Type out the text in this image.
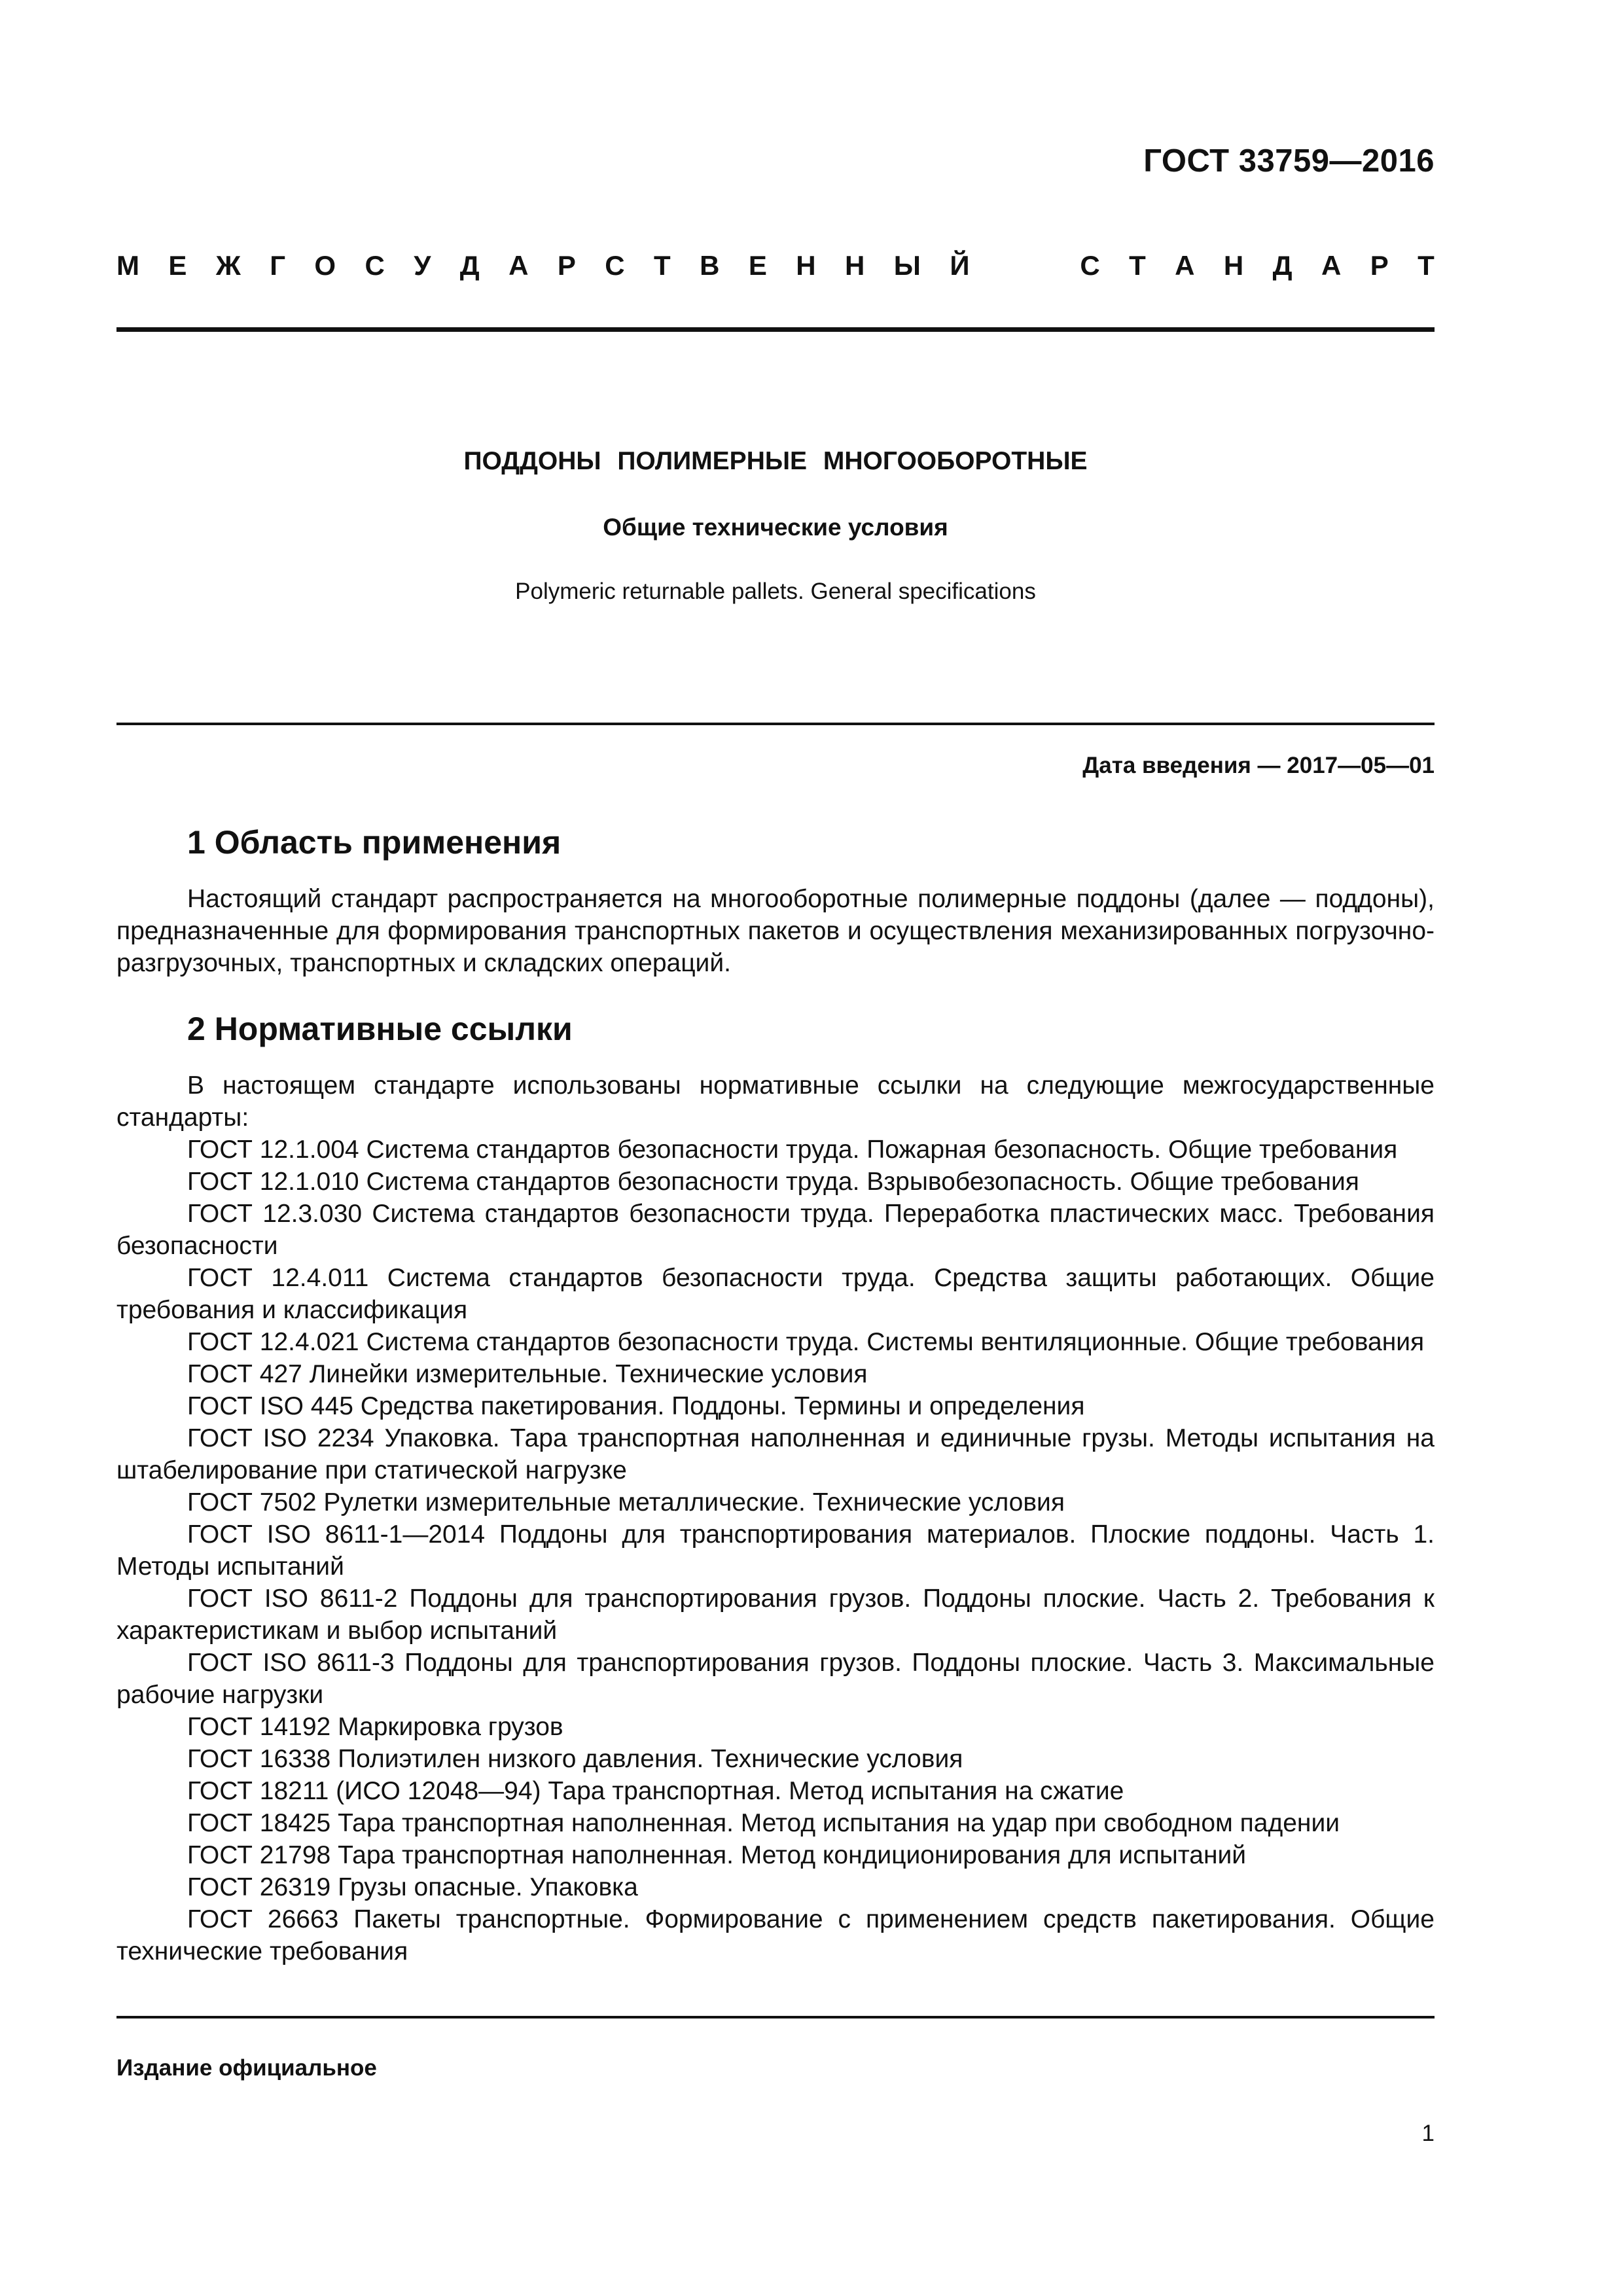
ГОСТ 33759—2016
М Е Ж Г О С У Д А Р С Т В Е Н Н Ы Й	С Т А Н Д А Р Т
ПОДДОНЫ ПОЛИМЕРНЫЕ МНОГООБОРОТНЫЕ
Общие технические условия
Polymeric returnable pallets. General specifications
Дата введения — 2017—05—01
1 Область применения

Настоящий стандарт распространяется на многооборотные полимерные поддоны (далее — поддоны), предназначенные для формирования транспортных пакетов и осуществления механизированных погрузочно-разгрузочных, транспортных и складских операций.

2 Нормативные ссылки

В настоящем стандарте использованы нормативные ссылки на следующие межгосударственные стандарты:

ГОСТ 12.1.004 Система стандартов безопасности труда. Пожарная безопасность. Общие требования

ГОСТ 12.1.010 Система стандартов безопасности труда. Взрывобезопасность. Общие требования

ГОСТ 12.3.030 Система стандартов безопасности труда. Переработка пластических масс. Требования безопасности

ГОСТ 12.4.011 Система стандартов безопасности труда. Средства защиты работающих. Общие требования и классификация

ГОСТ 12.4.021 Система стандартов безопасности труда. Системы вентиляционные. Общие требования

ГОСТ 427 Линейки измерительные. Технические условия

ГОСТ ISO 445 Средства пакетирования. Поддоны. Термины и определения

ГОСТ ISO 2234 Упаковка. Тара транспортная наполненная и единичные грузы. Методы испытания на штабелирование при статической нагрузке

ГОСТ 7502 Рулетки измерительные металлические. Технические условия

ГОСТ ISO 8611-1—2014 Поддоны для транспортирования материалов. Плоские поддоны. Часть 1. Методы испытаний

ГОСТ ISO 8611-2 Поддоны для транспортирования грузов. Поддоны плоские. Часть 2. Требования к характеристикам и выбор испытаний

ГОСТ ISO 8611-3 Поддоны для транспортирования грузов. Поддоны плоские. Часть 3. Максимальные рабочие нагрузки

ГОСТ 14192 Маркировка грузов

ГОСТ 16338 Полиэтилен низкого давления. Технические условия

ГОСТ 18211 (ИСО 12048—94) Тара транспортная. Метод испытания на сжатие

ГОСТ 18425 Тара транспортная наполненная. Метод испытания на удар при свободном падении

ГОСТ 21798 Тара транспортная наполненная. Метод кондиционирования для испытаний

ГОСТ 26319 Грузы опасные. Упаковка

ГОСТ 26663 Пакеты транспортные. Формирование с применением средств пакетирования. Общие технические требования

Издание официальное
1
